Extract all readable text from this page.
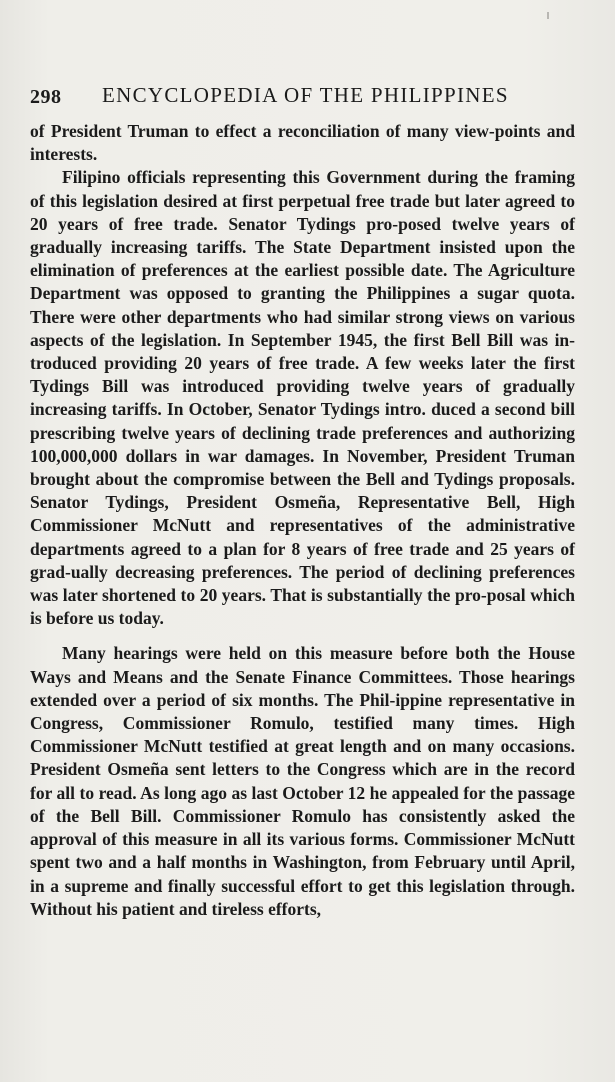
298 ENCYCLOPEDIA OF THE PHILIPPINES

of President Truman to effect a reconciliation of many view-points and interests.

Filipino officials representing this Government during the framing of this legislation desired at first perpetual free trade but later agreed to 20 years of free trade. Senator Tydings pro-posed twelve years of gradually increasing tariffs. The State Department insisted upon the elimination of preferences at the earliest possible date. The Agriculture Department was opposed to granting the Philippines a sugar quota. There were other departments who had similar strong views on various aspects of the legislation. In September 1945, the first Bell Bill was in-troduced providing 20 years of free trade. A few weeks later the first Tydings Bill was introduced providing twelve years of gradually increasing tariffs. In October, Senator Tydings intro. duced a second bill prescribing twelve years of declining trade preferences and authorizing 100,000,000 dollars in war damages. In November, President Truman brought about the compromise between the Bell and Tydings proposals. Senator Tydings, President Osmeña, Representative Bell, High Commissioner McNutt and representatives of the administrative departments agreed to a plan for 8 years of free trade and 25 years of grad-ually decreasing preferences. The period of declining preferences was later shortened to 20 years. That is substantially the pro-posal which is before us today.

Many hearings were held on this measure before both the House Ways and Means and the Senate Finance Committees. Those hearings extended over a period of six months. The Phil-ippine representative in Congress, Commissioner Romulo, testified many times. High Commissioner McNutt testified at great length and on many occasions. President Osmeña sent letters to the Congress which are in the record for all to read. As long ago as last October 12 he appealed for the passage of the Bell Bill. Commissioner Romulo has consistently asked the approval of this measure in all its various forms. Commissioner McNutt spent two and a half months in Washington, from February until April, in a supreme and finally successful effort to get this legislation through. Without his patient and tireless efforts,
